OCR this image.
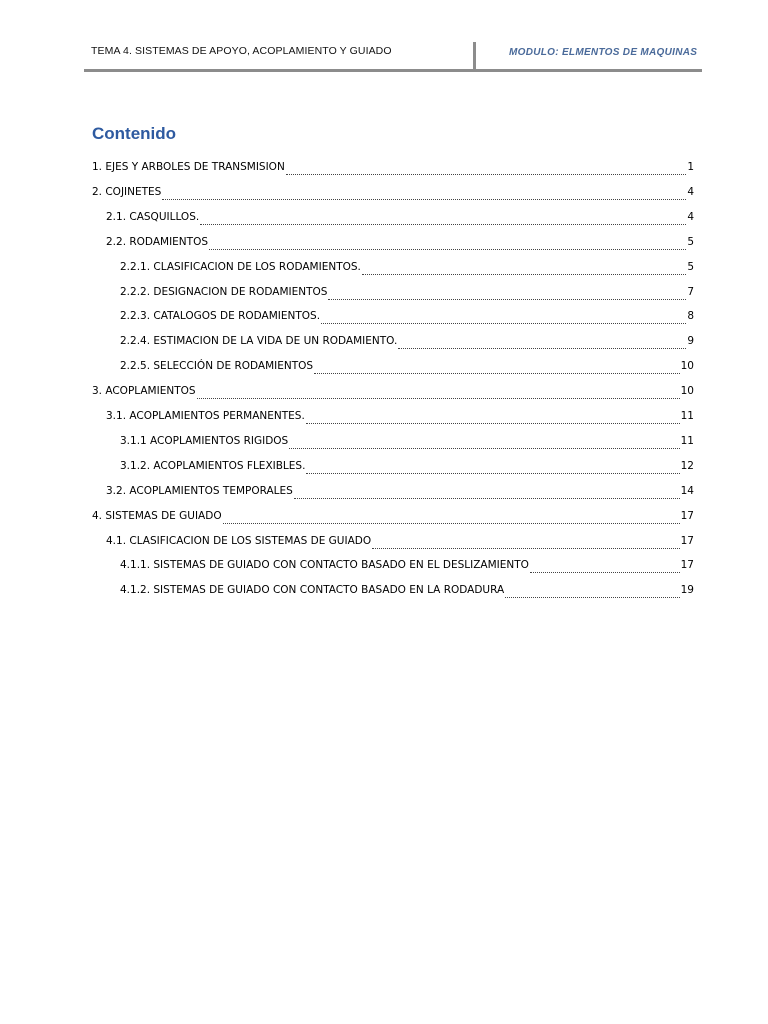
TEMA 4. SISTEMAS DE APOYO, ACOPLAMIENTO Y GUIADO	MODULO: ELMENTOS DE MAQUINAS
Contenido
1. EJES Y ARBOLES DE TRANSMISION	1
2. COJINETES	4
2.1. CASQUILLOS.	4
2.2. RODAMIENTOS	5
2.2.1. CLASIFICACION DE LOS RODAMIENTOS.	5
2.2.2. DESIGNACION DE RODAMIENTOS	7
2.2.3. CATALOGOS DE RODAMIENTOS.	8
2.2.4. ESTIMACION DE LA VIDA DE UN RODAMIENTO.	9
2.2.5. SELECCIÓN DE RODAMIENTOS	10
3. ACOPLAMIENTOS	10
3.1. ACOPLAMIENTOS PERMANENTES.	11
3.1.1 ACOPLAMIENTOS RIGIDOS	11
3.1.2. ACOPLAMIENTOS FLEXIBLES.	12
3.2. ACOPLAMIENTOS TEMPORALES	14
4. SISTEMAS DE GUIADO	17
4.1. CLASIFICACION DE LOS SISTEMAS DE GUIADO	17
4.1.1. SISTEMAS DE GUIADO CON CONTACTO BASADO EN EL DESLIZAMIENTO	17
4.1.2. SISTEMAS DE GUIADO CON CONTACTO BASADO EN LA RODADURA	19
